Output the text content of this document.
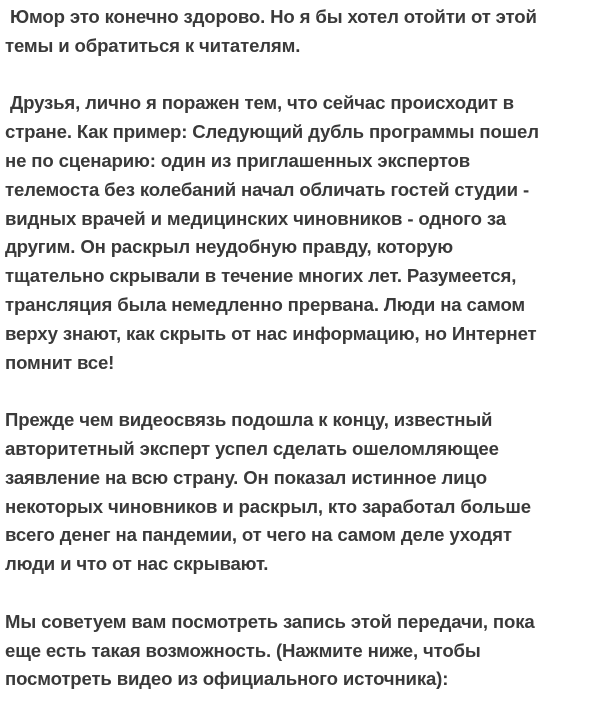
Юмор это конечно здорово. Но я бы хотел отойти от этой
темы и обратиться к читателям.

Друзья, лично я поражен тем, что сейчас происходит в
стране. Как пример: Следующий дубль программы пошел
не по сценарию: один из приглашенных экспертов
телемоста без колебаний начал обличать гостей студии -
видных врачей и медицинских чиновников - одного за
другим. Он раскрыл неудобную правду, которую
тщательно скрывали в течение многих лет. Разумеется,
трансляция была немедленно прервана. Люди на самом
верху знают, как скрыть от нас информацию, но Интернет
помнит все!

Прежде чем видеосвязь подошла к концу, известный
авторитетный эксперт успел сделать ошеломляющее
заявление на всю страну. Он показал истинное лицо
некоторых чиновников и раскрыл, кто заработал больше
всего денег на пандемии, от чего на самом деле уходят
люди и что от нас скрывают.

Мы советуем вам посмотреть запись этой передачи, пока
еще есть такая возможность. (Нажмите ниже, чтобы
посмотреть видео из официального источника):
